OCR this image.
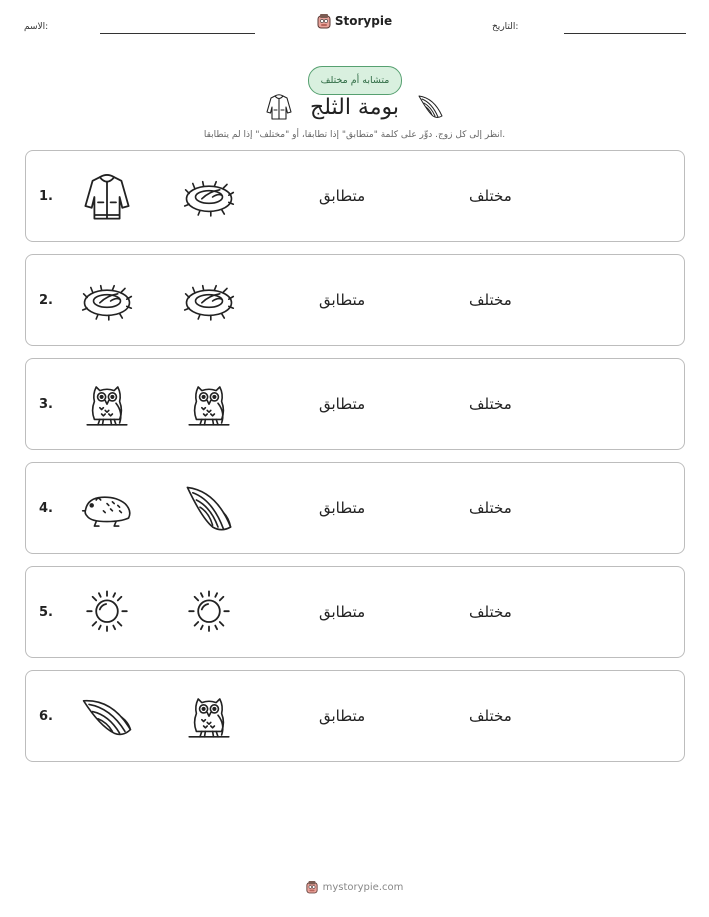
الاسم:	Storypie	التاريخ:
متشابه أم مختلف
بومة الثلج
انظر إلى كل زوج. دوِّر على كلمة "متطابق" إذا تطابقا، أو "مختلف" إذا لم يتطابقا.
1.	متطابق	مختلف
2.	متطابق	مختلف
3.	متطابق	مختلف
4.	متطابق	مختلف
5.	متطابق	مختلف
6.	متطابق	مختلف
mystorypie.com
